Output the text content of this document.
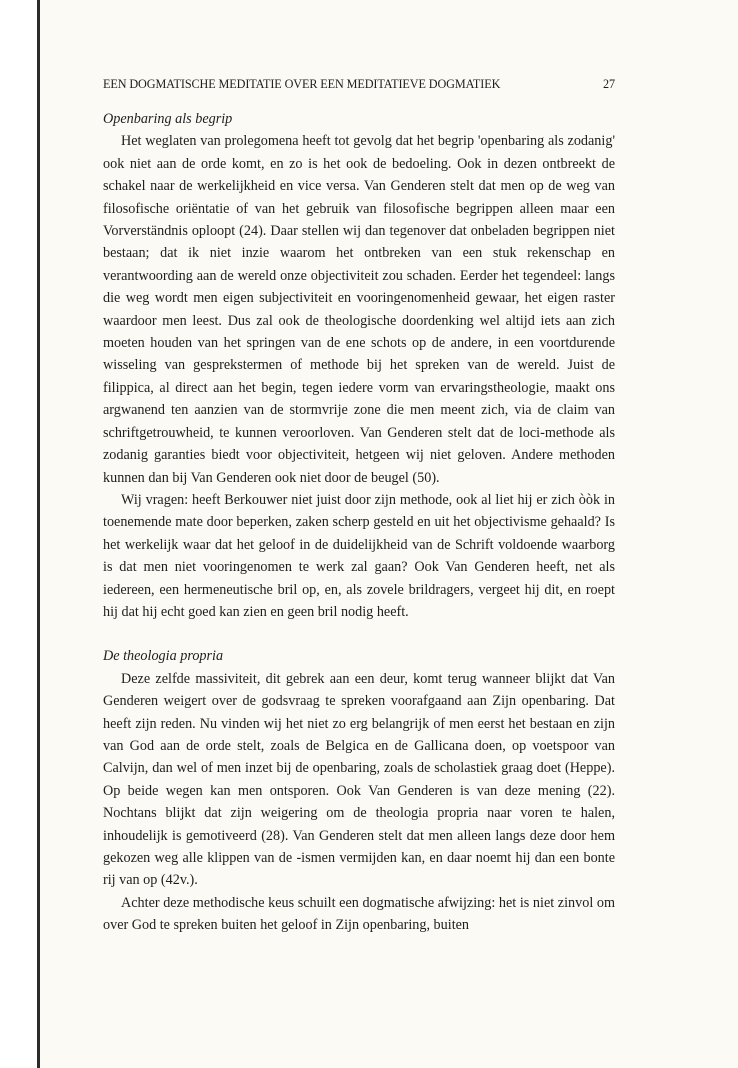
EEN DOGMATISCHE MEDITATIE OVER EEN MEDITATIEVE DOGMATIEK	27

Openbaring als begrip

Het weglaten van prolegomena heeft tot gevolg dat het begrip 'openbaring als zodanig' ook niet aan de orde komt, en zo is het ook de bedoeling. Ook in dezen ontbreekt de schakel naar de werkelijkheid en vice versa. Van Genderen stelt dat men op de weg van filosofische oriëntatie of van het gebruik van filosofische begrippen alleen maar een Vorverständnis oploopt (24). Daar stellen wij dan tegenover dat onbeladen begrippen niet bestaan; dat ik niet inzie waarom het ontbreken van een stuk rekenschap en verantwoording aan de wereld onze objectiviteit zou schaden. Eerder het tegendeel: langs die weg wordt men eigen subjectiviteit en vooringenomenheid gewaar, het eigen raster waardoor men leest. Dus zal ook de theologische doordenking wel altijd iets aan zich moeten houden van het springen van de ene schots op de andere, in een voortdurende wisseling van gesprekstermen of methode bij het spreken van de wereld. Juist de filippica, al direct aan het begin, tegen iedere vorm van ervaringstheologie, maakt ons argwanend ten aanzien van de stormvrije zone die men meent zich, via de claim van schriftgetrouwheid, te kunnen veroorloven. Van Genderen stelt dat de loci-methode als zodanig garanties biedt voor objectiviteit, hetgeen wij niet geloven. Andere methoden kunnen dan bij Van Genderen ook niet door de beugel (50).

Wij vragen: heeft Berkouwer niet juist door zijn methode, ook al liet hij er zich òòk in toenemende mate door beperken, zaken scherp gesteld en uit het objectivisme gehaald? Is het werkelijk waar dat het geloof in de duidelijkheid van de Schrift voldoende waarborg is dat men niet vooringenomen te werk zal gaan? Ook Van Genderen heeft, net als iedereen, een hermeneutische bril op, en, als zovele brildragers, vergeet hij dit, en roept hij dat hij echt goed kan zien en geen bril nodig heeft.

De theologia propria

Deze zelfde massiviteit, dit gebrek aan een deur, komt terug wanneer blijkt dat Van Genderen weigert over de godsvraag te spreken voorafgaand aan Zijn openbaring. Dat heeft zijn reden. Nu vinden wij het niet zo erg belangrijk of men eerst het bestaan en zijn van God aan de orde stelt, zoals de Belgica en de Gallicana doen, op voetspoor van Calvijn, dan wel of men inzet bij de openbaring, zoals de scholastiek graag doet (Heppe). Op beide wegen kan men ontsporen. Ook Van Genderen is van deze mening (22). Nochtans blijkt dat zijn weigering om de theologia propria naar voren te halen, inhoudelijk is gemotiveerd (28). Van Genderen stelt dat men alleen langs deze door hem gekozen weg alle klippen van de -ismen vermijden kan, en daar noemt hij dan een bonte rij van op (42v.).

Achter deze methodische keus schuilt een dogmatische afwijzing: het is niet zinvol om over God te spreken buiten het geloof in Zijn openbaring, buiten
